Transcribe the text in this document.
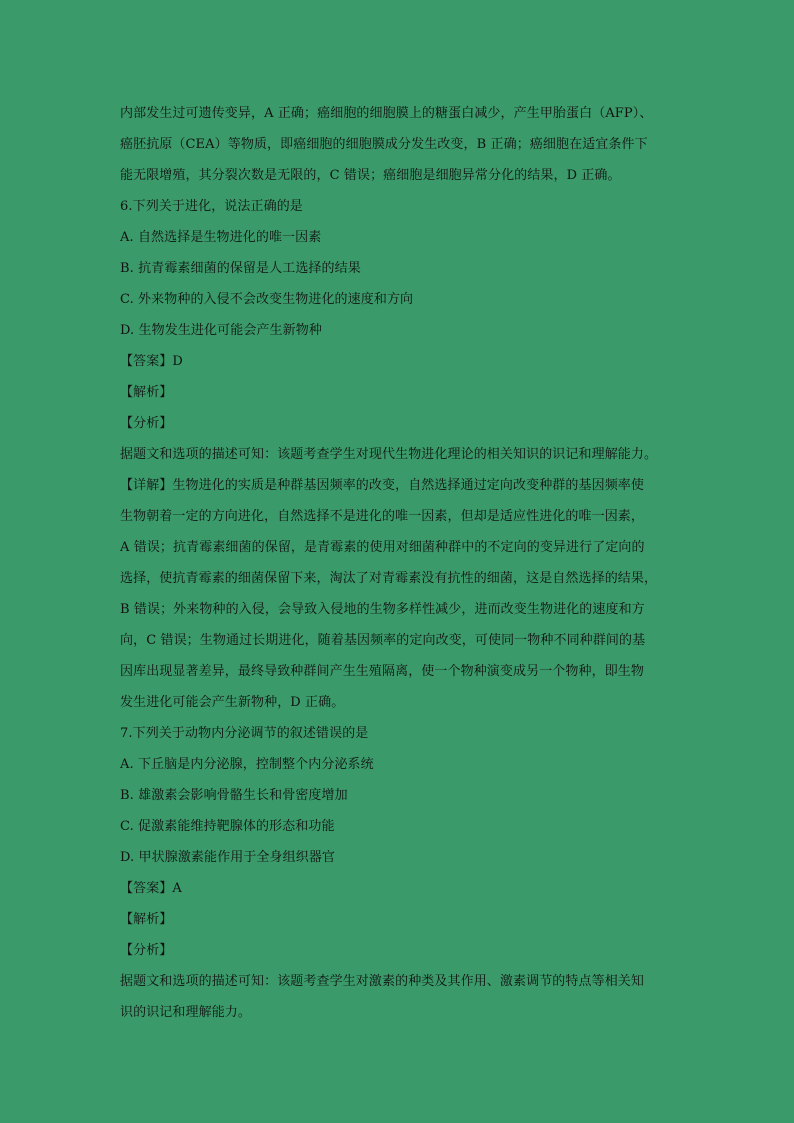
内部发生过可遗传变异，A 正确；癌细胞的细胞膜上的糖蛋白减少，产生甲胎蛋白（AFP）、
癌胚抗原（CEA）等物质，即癌细胞的细胞膜成分发生改变，B 正确；癌细胞在适宜条件下
能无限增殖，其分裂次数是无限的，C 错误；癌细胞是细胞异常分化的结果，D 正确。
6.下列关于进化，说法正确的是
A. 自然选择是生物进化的唯一因素
B. 抗青霉素细菌的保留是人工选择的结果
C. 外来物种的入侵不会改变生物进化的速度和方向
D. 生物发生进化可能会产生新物种
【答案】D
【解析】
【分析】
据题文和选项的描述可知：该题考查学生对现代生物进化理论的相关知识的识记和理解能力。
【详解】生物进化的实质是种群基因频率的改变，自然选择通过定向改变种群的基因频率使
生物朝着一定的方向进化，自然选择不是进化的唯一因素，但却是适应性进化的唯一因素，
A 错误；抗青霉素细菌的保留，是青霉素的使用对细菌种群中的不定向的变异进行了定向的
选择，使抗青霉素的细菌保留下来，淘汰了对青霉素没有抗性的细菌，这是自然选择的结果，
B 错误；外来物种的入侵，会导致入侵地的生物多样性减少，进而改变生物进化的速度和方
向，C 错误；生物通过长期进化，随着基因频率的定向改变，可使同一物种不同种群间的基
因库出现显著差异，最终导致种群间产生生殖隔离，使一个物种演变成另一个物种，即生物
发生进化可能会产生新物种，D 正确。
7.下列关于动物内分泌调节的叙述错误的是
A. 下丘脑是内分泌腺，控制整个内分泌系统
B. 雄激素会影响骨骼生长和骨密度增加
C. 促激素能维持靶腺体的形态和功能
D. 甲状腺激素能作用于全身组织器官
【答案】A
【解析】
【分析】
据题文和选项的描述可知：该题考查学生对激素的种类及其作用、激素调节的特点等相关知
识的识记和理解能力。
